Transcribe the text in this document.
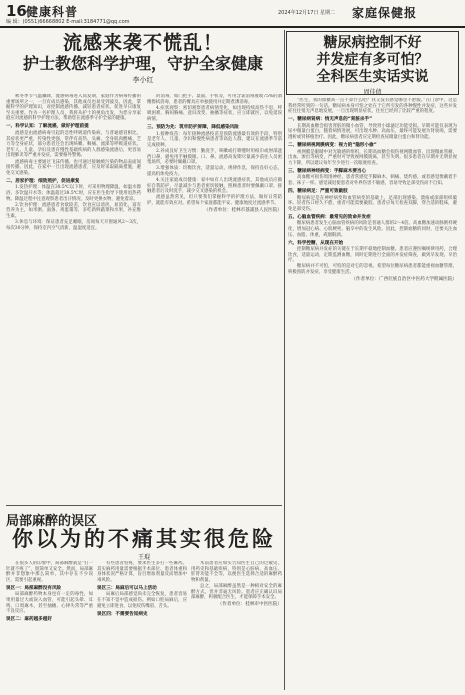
16 健康科普
编 辑：(0551)66668802 E-mail:3184771@qq.com
2024年12月17日 星期二 家庭保健报
流感来袭不慌乱！
护士教您科学护理，守护全家健康
李小红
糖尿病控制不好
并发症有多可怕？
全科医生实话实说
周佳倩

秋冬季节气温骤降，流感病毒进入高发期，家庭作为病毒传播的重要场所之一，一旦有成员感染，其他成员也易受到波及。因此，掌握科学的护理知识，对控制流感传播、减轻患者症状、促进早日康复至关重要。作为一名护理人员，我将从护士的视角出发，为您分享家庭应对流感的科学护理方法，帮助您在流感季守护全家的健康。

一、科学认知：了解流感，做好护理前提

流感是由流感病毒引起的急性呼吸道传染病，与普通感冒相比，其症状更严重，传染性更强，常伴有高热、头痛、全身肌肉酸痛、乏力等全身症状，部分患者还会出现咳嗽、咽痛、流涕等呼吸道症状。老年人、儿童、孕妇及患有慢性基础疾病的人群感染流感后，更容易出现肺炎等严重并发症，需要格外警惕。

流感病毒主要通过飞沫传播，也可通过接触被污染的物品表面间接传播。因此，在家中一旦出现流感患者，应及时采取隔离措施，避免交叉感染。

二、居家护理：细致照护，促进康复

1.发热护理：体温在38.5℃以下时，可采用物理降温，如温水擦浴、多饮温开水等；体温超过38.5℃时，应在医生指导下使用退热药物。降温过程中注意观察患者出汗情况，及时更换衣物，避免着凉。

2.饮食护理：流感患者食欲较差，饮食应以清淡、易消化、富有营养为主，如米粥、面条、鸡蛋羹等，多吃新鲜蔬菜和水果，补充维生素。

3.休息与环境：保证患者充足睡眠，房间每天开窗通风2～3次，每次30分钟，保持室内空气清新，温湿度适宜。

的消毒，如门把手、桌面、手机等，可用含氯消毒液或75%的酒精擦拭消毒，患者的餐具应单独使用并定期煮沸消毒。

4.症状观察：密切观察患者病情变化，如出现持续高热不退、呼吸困难、胸闷胸痛、意识改变、抽搐等症状，应立即就医，以免延误病情。

三、预防为先：筑牢防护屏障，降低感染风险

1.接种疫苗：每年接种流感疫苗是预防流感最有效的手段，特别是老年人、儿童、孕妇和慢性病患者等高危人群，建议在流感季节前完成接种。

2.养成良好卫生习惯：勤洗手，咳嗽或打喷嚏时用纸巾或肘部遮挡口鼻，避免用手触摸眼、口、鼻。流感高发期尽量减少前往人员密集场所，必要时佩戴口罩。

3.增强体质：均衡饮食，适量运动，规律作息，保持良好心态，提高机体免疫力。

4.关注家庭成员健康：家中如有人出现流感症状，其他成员应做好自我防护，尽量减少与患者密切接触，照顾患者时要佩戴口罩，接触患者后及时洗手，减少交叉感染的机会。

流感虽然常见，但只要我们掌握科学的护理方法，做好日常防护，就能有效应对。希望每个家庭都能平安、健康地度过流感季节。

（作者单位：桂林市荔浦县人民医院）

“医生，我的血糖高一点不算什么吧？我又没有感觉哪里不舒服。”在门诊中，这是我经常听到的一句话。糖尿病本身可怕之处在于它所引发的各种慢性并发症，这些并发症往往悄无声息地发展，一旦出现明显症状，往往已经到了比较严重的程度。

一、糖尿病肾病：悄无声息的“肾脏杀手”

长期高血糖会损害肾脏的微小血管，导致肾小球滤过功能受损。早期可能仅表现为尿中微量白蛋白，随着病情进展，可出现水肿、高血压，最终可能发展为肾衰竭，需要透析或肾移植治疗。因此，糖尿病患者应定期检查尿微量白蛋白和肾功能。

二、糖尿病视网膜病变：视力的“隐形小偷”

视网膜是眼睛中对光敏感的组织，长期高血糖会损伤视网膜血管，出现微血管瘤、出血、渗出等病变，严重时可导致视网膜脱离，甚至失明。很多患者在早期并无明显视力下降，所以建议每年至少进行一次眼底检查。

三、糖尿病神经病变：手脚麻木要当心

高血糖可损伤周围神经，患者常感觉手脚麻木、刺痛、烧灼感，或者感觉像戴着手套、袜子一样。感觉减退使患者对外界伤害不敏感，容易导致足部受伤而不自知。

四、糖尿病足：严重可致截肢

糖尿病足是在神经病变和血管病变的基础上，足部出现感染、溃疡或深部组织破坏。轻者伤口经久不愈，重者可能需要截肢。患者应每天检查双脚，穿合适的鞋袜，避免足部受伤。

五、心脑血管疾病：最常见的致命并发症

糖尿病患者发生心脑血管疾病的风险是普通人群的2～4倍。高血糖加速动脉粥样硬化，增加冠心病、心肌梗死、脑卒中的发生风险。因此，控制血糖的同时，还要关注血压、血脂、体重，戒烟限酒。

六、科学控糖，从现在开始

控制糖尿病并发症的关键在于长期平稳地控制血糖。患者应遵医嘱规律用药，合理饮食，适量运动，定期监测血糖，同时定期进行全面的并发症筛查，做到早发现、早治疗。

糖尿病并不可怕，可怕的是对它的忽视。希望每位糖尿病患者都能重视血糖管理，积极预防并发症，享受健康生活。

（作者单位：广西壮族自治区中医药大学附属医院）

局部麻醉的误区
你以为的不痛其实很危险
王琨

在很多人的印象中，局部麻醉就是“打一针就不疼了”，既简单又安全。然而，局部麻醉并非想象中那么简单，其中存在不少误区，需要引起重视。

误区一：局部麻醉没有风险

局部麻醉药物本身也有一定的毒性，如果用量过大或误入血管，可能引起头晕、耳鸣、口周麻木，甚至抽搐、心律失常等严重不良反应。

误区二：麻药越多越好

有些患者怕疼，要求医生多打一些麻药。其实麻药用量需要根据手术部位、患者体重和身体状况严格计算，盲目增加剂量反而增加中毒风险。

误区三：局麻后可以马上活动

局麻后局部感觉尚未完全恢复，患者容易在不知不觉中造成损伤。例如口腔局麻后，应避免立即进食，以免咬伤嘴唇、舌头。

误区四：不需要告知病史

术前患者应如实告知医生自己的过敏史、用药史和基础疾病，特别是心脏病、高血压、肝肾功能不全等，以便医生选择合适的麻醉药物和剂量。

总之，局部麻醉虽然是一种相对安全的麻醉方式，但并非毫无风险。患者应正确认识局部麻醉，积极配合医生，才能保障手术安全。

（作者单位：桂林市中医医院）
